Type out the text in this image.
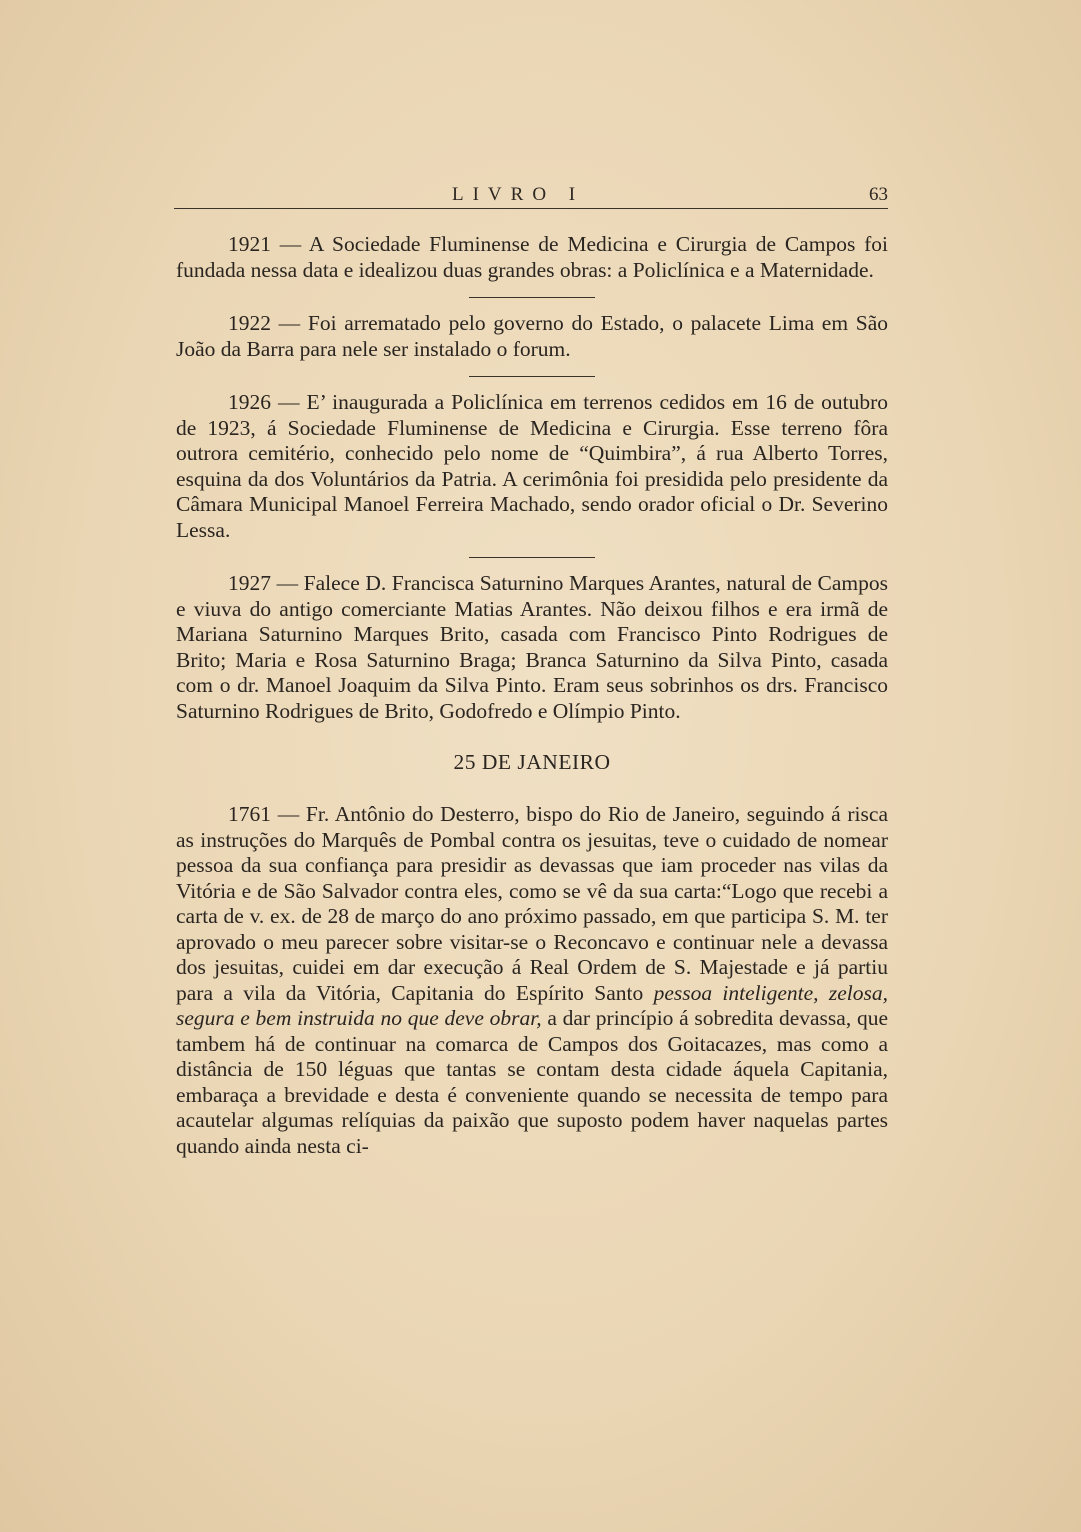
LIVRO I	63

1921 — A Sociedade Fluminense de Medicina e Cirurgia de Campos foi fundada nessa data e idealizou duas grandes obras: a Policlínica e a Maternidade.

1922 — Foi arrematado pelo governo do Estado, o palacete Lima em São João da Barra para nele ser instalado o forum.

1926 — E’ inaugurada a Policlínica em terrenos cedidos em 16 de outubro de 1923, á Sociedade Fluminense de Medicina e Cirurgia. Esse terreno fôra outrora cemitério, conhecido pelo nome de “Quimbira”, á rua Alberto Torres, esquina da dos Voluntários da Patria. A cerimônia foi presidida pelo presidente da Câmara Municipal Manoel Ferreira Machado, sendo orador oficial o Dr. Severino Lessa.

1927 — Falece D. Francisca Saturnino Marques Arantes, natural de Campos e viuva do antigo comerciante Matias Arantes. Não deixou filhos e era irmã de Mariana Saturnino Marques Brito, casada com Francisco Pinto Rodrigues de Brito; Maria e Rosa Saturnino Braga; Branca Saturnino da Silva Pinto, casada com o dr. Manoel Joaquim da Silva Pinto. Eram seus sobrinhos os drs. Francisco Saturnino Rodrigues de Brito, Godofredo e Olímpio Pinto.

25 DE JANEIRO

1761 — Fr. Antônio do Desterro, bispo do Rio de Janeiro, seguindo á risca as instruções do Marquês de Pombal contra os jesuitas, teve o cuidado de nomear pessoa da sua confiança para presidir as devassas que iam proceder nas vilas da Vitória e de São Salvador contra eles, como se vê da sua carta:“Logo que recebi a carta de v. ex. de 28 de março do ano próximo passado, em que participa S. M. ter aprovado o meu parecer sobre visitar-se o Reconcavo e continuar nele a devassa dos jesuitas, cuidei em dar execução á Real Ordem de S. Majestade e já partiu para a vila da Vitória, Capitania do Espírito Santo pessoa inteligente, zelosa, segura e bem instruida no que deve obrar, a dar princípio á sobredita devassa, que tambem há de continuar na comarca de Campos dos Goitacazes, mas como a distância de 150 léguas que tantas se contam desta cidade áquela Capitania, embaraça a brevidade e desta é conveniente quando se necessita de tempo para acautelar algumas relíquias da paixão que suposto podem haver naquelas partes quando ainda nesta ci-
